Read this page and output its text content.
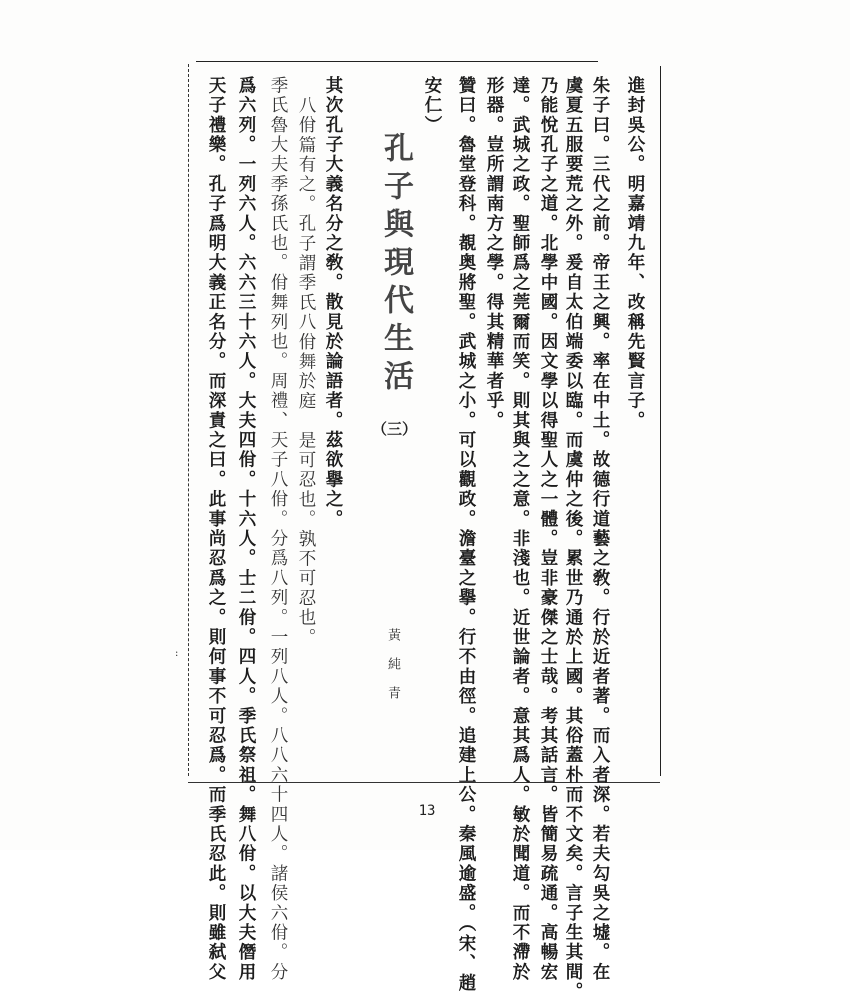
進封吳公。明嘉靖九年、改稱先賢言子。
朱子曰。三代之前。帝王之興。率在中土。故德行道藝之敎。行於近者著。而入者深。若夫勾吳之墟。在
虞夏五服要荒之外。爰自太伯端委以臨。而虞仲之後。累世乃通於上國。其俗蓋朴而不文矣。言子生其間。
乃能悅孔子之道。北學中國。因文學以得聖人之一體。豈非豪傑之士哉。考其話言。皆簡易疏通。高暢宏
達。武城之政。聖師爲之莞爾而笑。則其與之之意。非淺也。近世論者。意其爲人。敏於聞道。而不滯於
形器。豈所謂南方之學。得其精華者乎。
贊曰。魯堂登科。覩奥將聖。武城之小。可以觀政。澹臺之擧。行不由徑。追建上公。秦風逾盛。（宋、趙
安仁）
孔子與現代生活
（三）
黃純青
其次孔子大義名分之敎。散見於論語者。茲欲擧之。
八佾篇有之。孔子謂季氏八佾舞於庭　是可忍也。孰不可忍也。
季氏魯大夫季孫氏也。佾舞列也。周禮、天子八佾。分爲八列。一列八人。八八六十四人。諸侯六佾。分
爲六列。一列六人。六六三十六人。大夫四佾。十六人。士二佾。四人。季氏祭祖。舞八佾。以大夫僭用
天子禮樂。孔子爲明大義正名分。而深責之曰。此事尚忍爲之。則何事不可忍爲。而季氏忍此。則雖弑父
:
13
